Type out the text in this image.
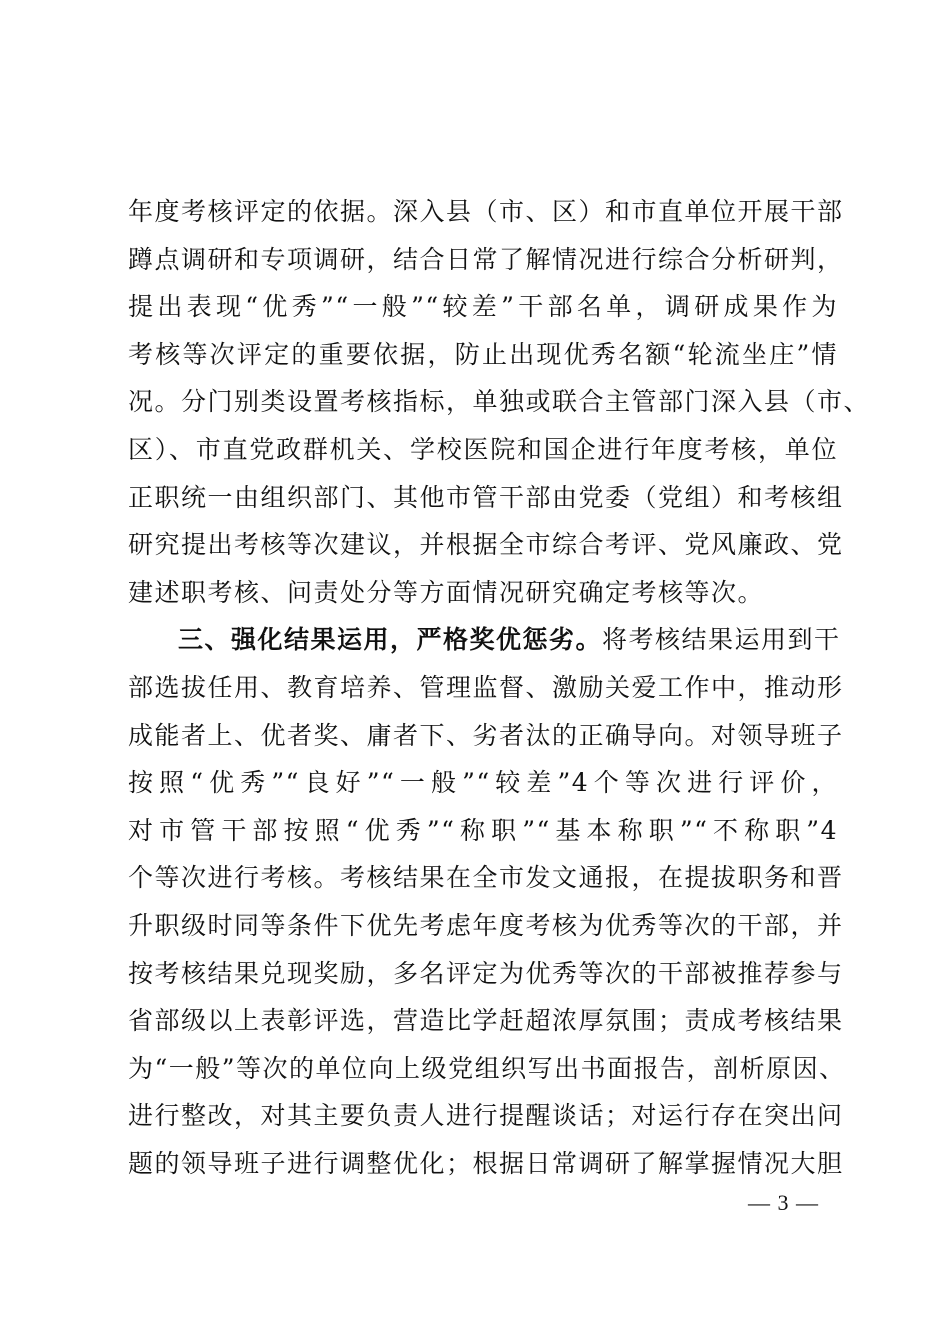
年度考核评定的依据。深入县（市、区）和市直单位开展干部
蹲点调研和专项调研，结合日常了解情况进行综合分析研判，
提出表现“优秀”“一般”“较差”干部名单，调研成果作为
考核等次评定的重要依据，防止出现优秀名额“轮流坐庄”情
况。分门别类设置考核指标，单独或联合主管部门深入县（市、
区）、市直党政群机关、学校医院和国企进行年度考核，单位
正职统一由组织部门、其他市管干部由党委（党组）和考核组
研究提出考核等次建议，并根据全市综合考评、党风廉政、党
建述职考核、问责处分等方面情况研究确定考核等次。
三、强化结果运用，严格奖优惩劣。将考核结果运用到干
部选拔任用、教育培养、管理监督、激励关爱工作中，推动形
成能者上、优者奖、庸者下、劣者汰的正确导向。对领导班子
按照“优秀”“良好”“一般”“较差”4个等次进行评价，
对市管干部按照“优秀”“称职”“基本称职”“不称职”4
个等次进行考核。考核结果在全市发文通报，在提拔职务和晋
升职级时同等条件下优先考虑年度考核为优秀等次的干部，并
按考核结果兑现奖励，多名评定为优秀等次的干部被推荐参与
省部级以上表彰评选，营造比学赶超浓厚氛围；责成考核结果
为“一般”等次的单位向上级党组织写出书面报告，剖析原因、
进行整改，对其主要负责人进行提醒谈话；对运行存在突出问
题的领导班子进行调整优化；根据日常调研了解掌握情况大胆
— 3 —
